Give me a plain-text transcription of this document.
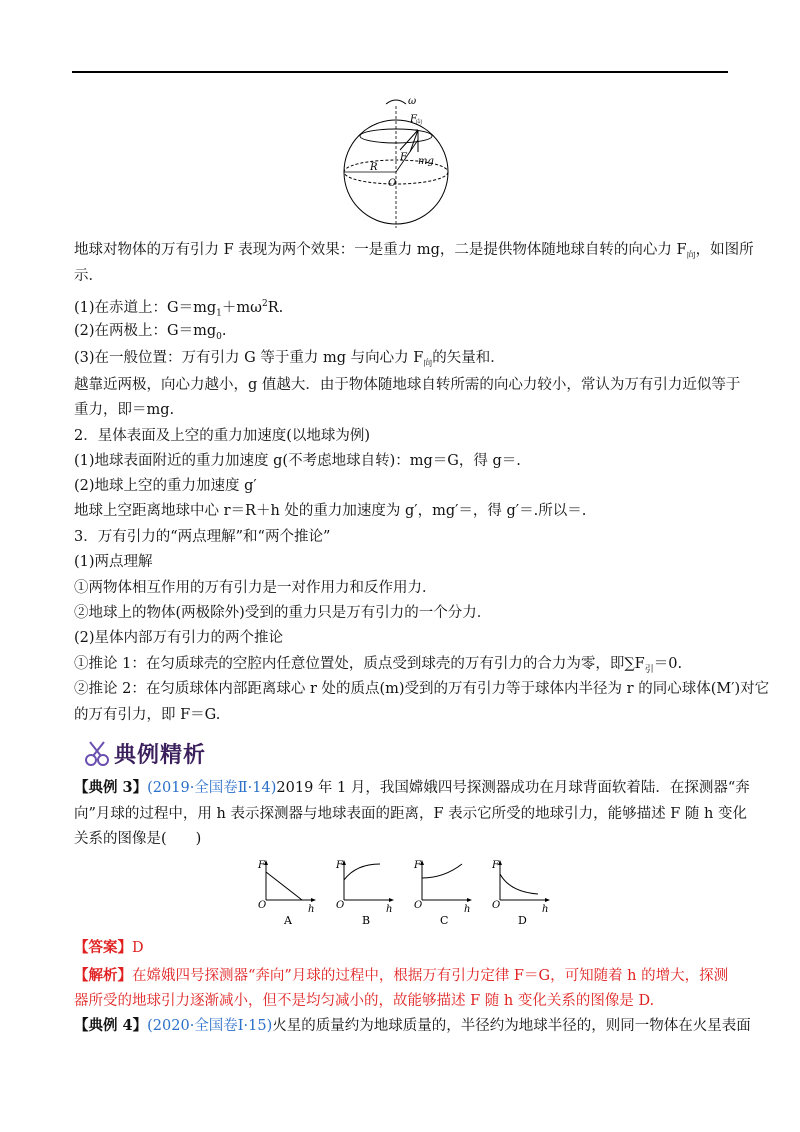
ω
F 向
F mg
R
O
地球对物体的万有引力 F 表现为两个效果：一是重力 mg，二是提供物体随地球自转的向心力 $F_向$，如图所
示．
(1)在赤道上：$G=mg_1+m\omega^2R$.
(2)在两极上：$G=mg_0$.
(3)在一般位置：万有引力 G 等于重力 mg 与向心力 $F_向$的矢量和．
越靠近两极，向心力越小，g 值越大．由于物体随地球自转所需的向心力较小，常认为万有引力近似等于
重力，即＝mg.
2．星体表面及上空的重力加速度(以地球为例)
(1)地球表面附近的重力加速度 g(不考虑地球自转)：mg＝G，得 g＝.
(2)地球上空的重力加速度 g′
地球上空距离地球中心 r＝R＋h 处的重力加速度为 g′，mg′＝，得 g′＝.所以＝.
3．万有引力的“两点理解”和“两个推论”
(1)两点理解
①两物体相互作用的万有引力是一对作用力和反作用力．
②地球上的物体(两极除外)受到的重力只是万有引力的一个分力．
(2)星体内部万有引力的两个推论
①推论 1：在匀质球壳的空腔内任意位置处，质点受到球壳的万有引力的合力为零，即$\sum F_引=0$.
②推论 2：在匀质球体内部距离球心 r 处的质点(m)受到的万有引力等于球体内半径为 r 的同心球体(M′)对它
的万有引力，即 F＝G.
典例精析
【典例 3】(2019·全国卷Ⅱ·14)2019 年 1 月，我国嫦娥四号探测器成功在月球背面软着陆．在探测器“奔
向”月球的过程中，用 h 表示探测器与地球表面的距离，F 表示它所受的地球引力，能够描述 F 随 h 变化
关系的图像是(　　)
F
O	h
A
F
O	h
B
F
O	h
C
F
O	h
D
【答案】D
【解析】在嫦娥四号探测器“奔向”月球的过程中，根据万有引力定律 F＝G，可知随着 h 的增大，探测
器所受的地球引力逐渐减小，但不是均匀减小的，故能够描述 F 随 h 变化关系的图像是 D.
【典例 4】(2020·全国卷Ⅰ·15)火星的质量约为地球质量的，半径约为地球半径的，则同一物体在火星表面
